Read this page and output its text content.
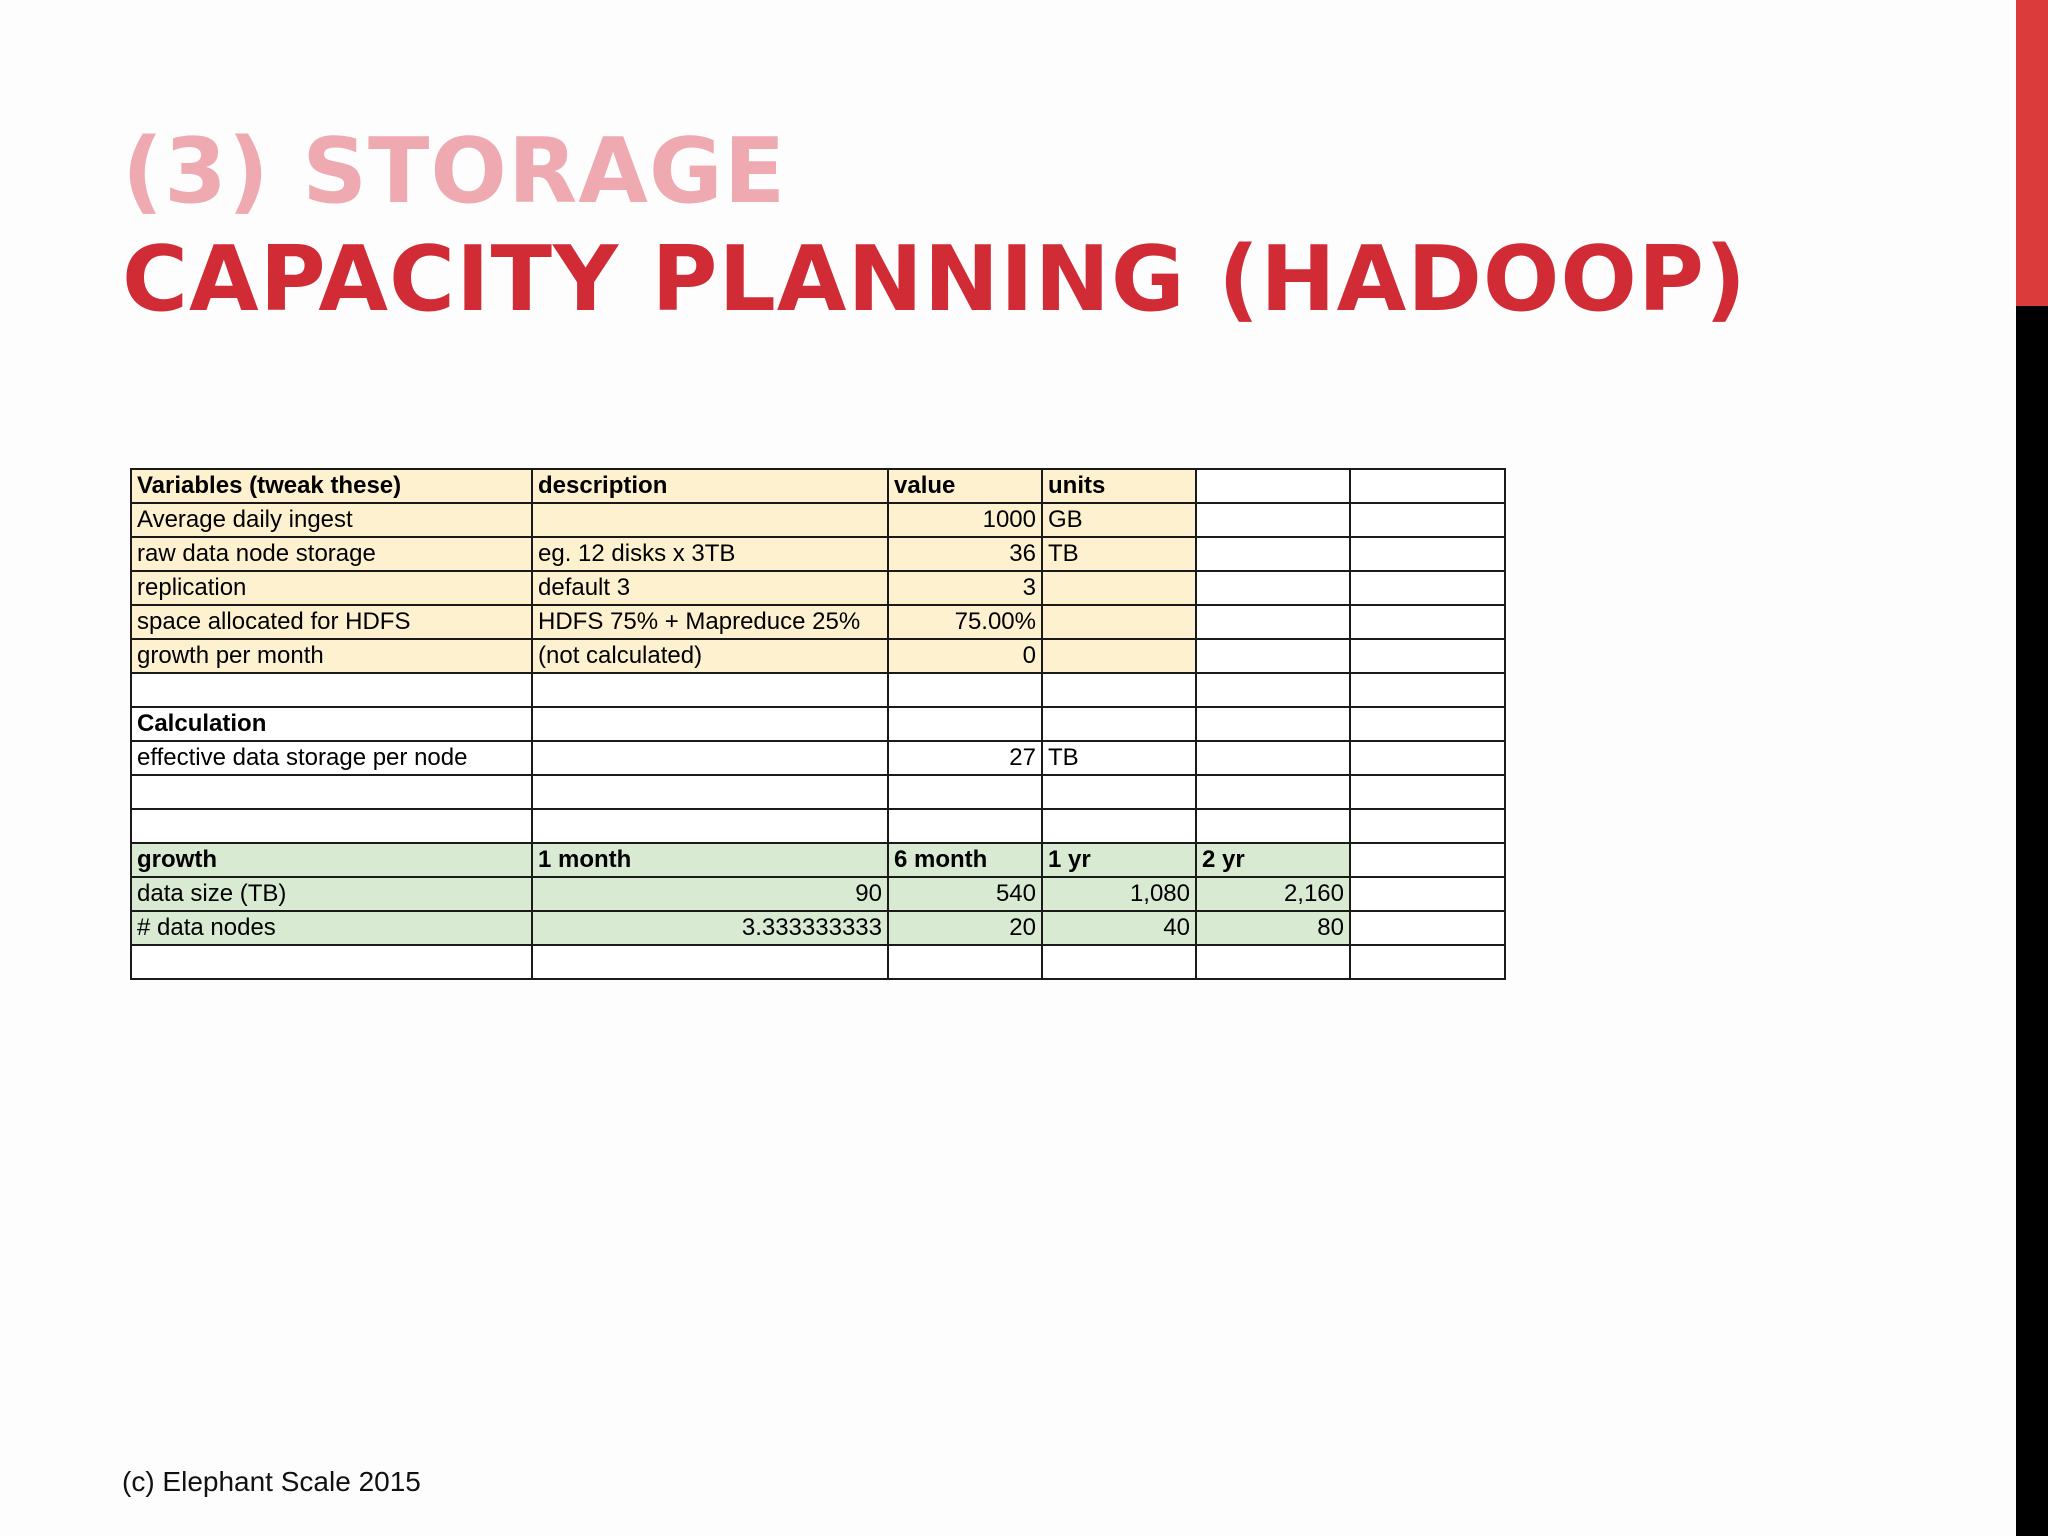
(3) STORAGE
CAPACITY PLANNING (HADOOP)
Variables (tweak these)	description	value	units		
Average daily ingest		1000	GB		
raw data node storage	eg. 12 disks x 3TB	36	TB		
replication	default 3	3			
space allocated for HDFS	HDFS 75% + Mapreduce 25%	75.00%			
growth per month	(not calculated)	0			

Calculation					
effective data storage per node		27	TB		

growth	1 month	6 month	1 yr	2 yr	
data size (TB)	90	540	1,080	2,160	
# data nodes	3.333333333	20	40	80	

(c) Elephant Scale 2015
